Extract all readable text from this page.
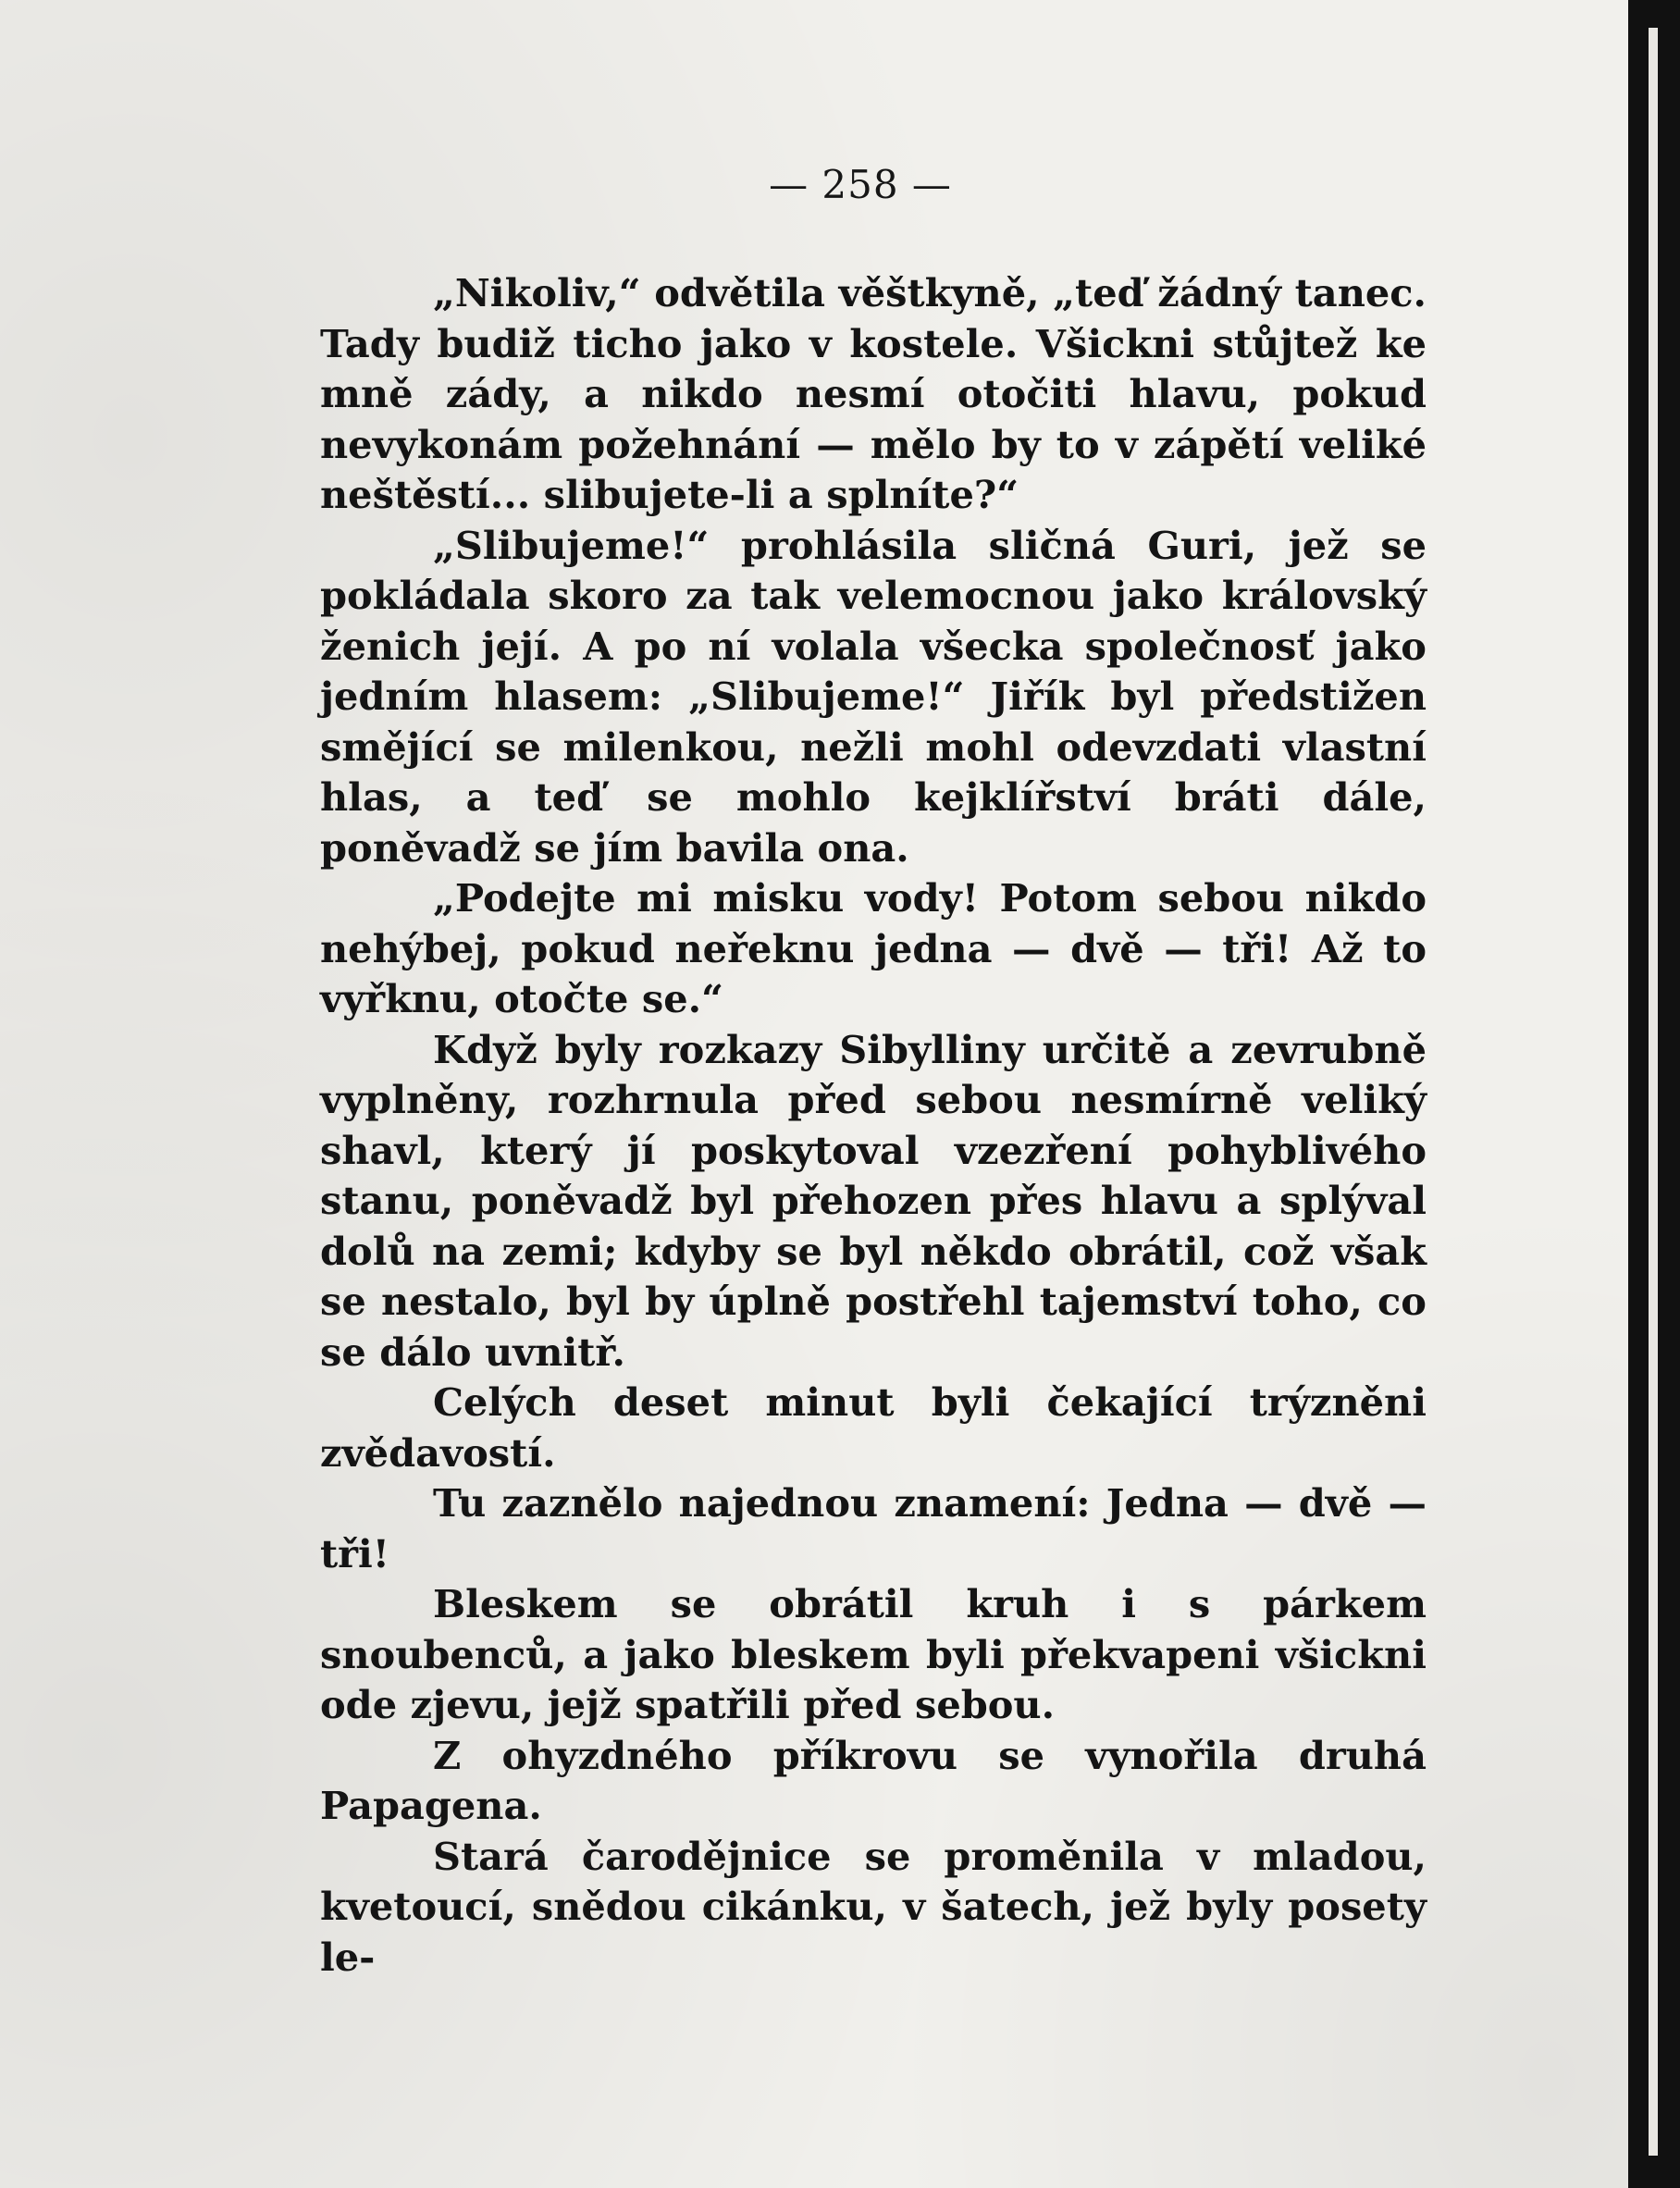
— 258 —

„Nikoliv,“ odvětila věštkyně, „teď žádný tanec. Tady budiž ticho jako v kostele. Všickni stůjtež ke mně zády, a nikdo nesmí otočiti hlavu, pokud nevykonám požehnání — mělo by to v zápětí veliké neštěstí... slibujete-li a splníte?“

„Slibujeme!“ prohlásila sličná Guri, jež se pokládala skoro za tak velemocnou jako královský ženich její. A po ní volala všecka společnosť jako jedním hlasem: „Slibujeme!“ Jiřík byl předstižen smějící se milenkou, nežli mohl odevzdati vlastní hlas, a teď se mohlo kejklířství bráti dále, poněvadž se jím bavila ona.

„Podejte mi misku vody! Potom sebou nikdo nehýbej, pokud neřeknu jedna — dvě — tři! Až to vyřknu, otočte se.“

Když byly rozkazy Sibylliny určitě a zevrubně vyplněny, rozhrnula před sebou nesmírně veliký shavl, který jí poskytoval vzezření pohyblivého stanu, poněvadž byl přehozen přes hlavu a splýval dolů na zemi; kdyby se byl někdo obrátil, což však se nestalo, byl by úplně postřehl tajemství toho, co se dálo uvnitř.

Celých deset minut byli čekající trýzněni zvědavostí.

Tu zaznělo najednou znamení: Jedna — dvě — tři!

Bleskem se obrátil kruh i s párkem snoubenců, a jako bleskem byli překvapeni všickni ode zjevu, jejž spatřili před sebou.

Z ohyzdného příkrovu se vynořila druhá Papagena.

Stará čarodějnice se proměnila v mladou, kvetoucí, snědou cikánku, v šatech, jež byly posety le-
